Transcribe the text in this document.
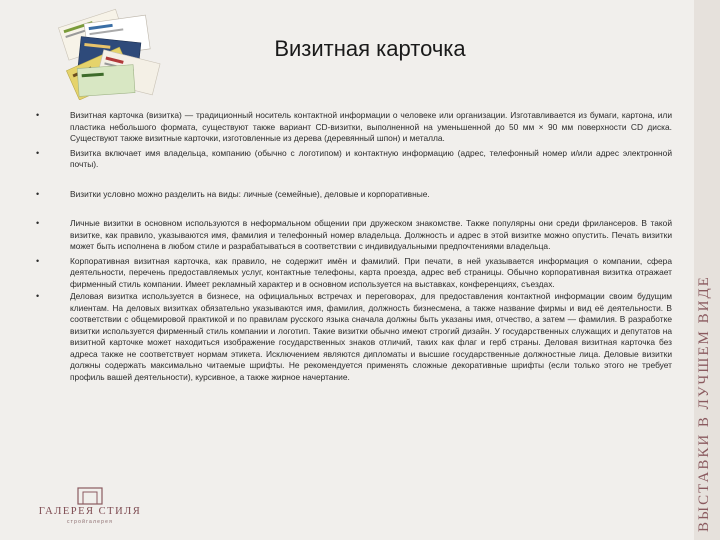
Визитная карточка

•	Визитная карточка (визитка) — традиционный носитель контактной информации о человеке или организации. Изготавливается из бумаги, картона, или пластика небольшого формата, существуют также вариант CD-визитки, выполненной на уменьшенной до 50 мм × 90 мм поверхности CD диска. Существуют также визитные карточки, изготовленные из дерева (деревянный шпон) и металла.

•	Визитка включает имя владельца, компанию (обычно с логотипом) и контактную информацию (адрес, телефонный номер и/или адрес электронной почты).

•	Визитки условно можно разделить на виды: личные (семейные), деловые и корпоративные.

•	Личные визитки в основном используются в неформальном общении при дружеском знакомстве. Также популярны они среди фрилансеров. В такой визитке, как правило, указываются имя, фамилия и телефонный номер владельца. Должность и адрес в этой визитке можно опустить. Печать визитки может быть исполнена в любом стиле и разрабатываться в соответствии с индивидуальными предпочтениями владельца.

•	Корпоративная визитная карточка, как правило, не содержит имён и фамилий. При печати, в ней указывается информация о компании, сфера деятельности, перечень предоставляемых услуг, контактные телефоны, карта проезда, адрес веб страницы. Обычно корпоративная визитка отражает фирменный стиль компании. Имеет рекламный характер и в основном используется на выставках, конференциях, съездах.

•	Деловая визитка используется в бизнесе, на официальных встречах и переговорах, для предоставления контактной информации своим будущим клиентам. На деловых визитках обязательно указываются имя, фамилия, должность бизнесмена, а также название фирмы и вид её деятельности. В соответствии с общемировой практикой и по правилам русского языка сначала должны быть указаны имя, отчество, а затем — фамилия. В разработке визитки используется фирменный стиль компании и логотип. Такие визитки обычно имеют строгий дизайн. У государственных служащих и депутатов на визитной карточке может находиться изображение государственных знаков отличий, таких как флаг и герб страны. Деловая визитная карточка без адреса также не соответствует нормам этикета. Исключением являются дипломаты и высшие государственные должностные лица. Деловые визитки должны содержать максимально читаемые шрифты. Не рекомендуется применять сложные декоративные шрифты (если только этого не требует профиль вашей деятельности), курсивное, а также жирное начертание.	ВЫСТАВКИ В ЛУЧШЕМ ВИДЕ
ГАЛЕРЕЯ СТИЛЯ
стройгалерея
